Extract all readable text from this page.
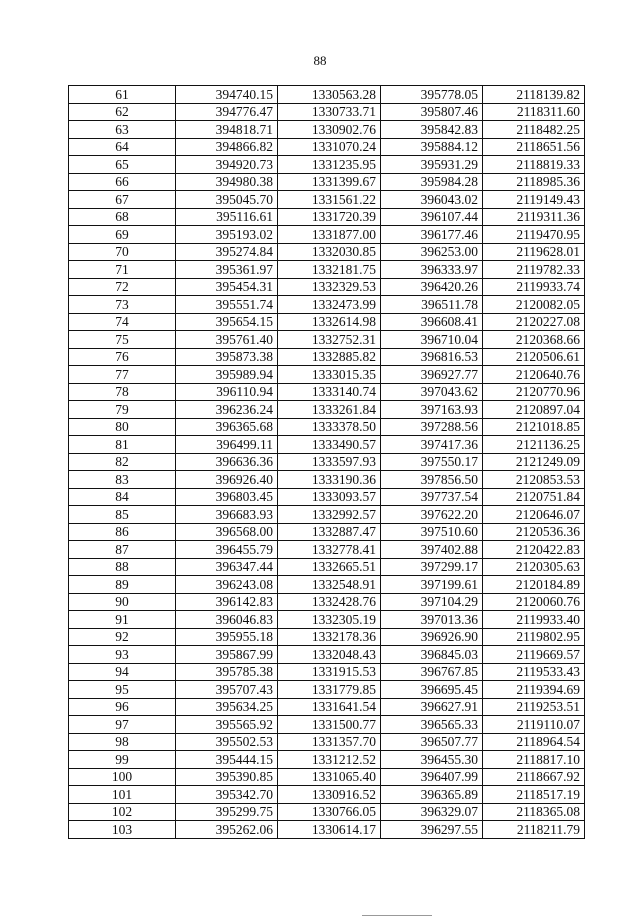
88
61	394740.15	1330563.28	395778.05	2118139.82
62	394776.47	1330733.71	395807.46	2118311.60
63	394818.71	1330902.76	395842.83	2118482.25
64	394866.82	1331070.24	395884.12	2118651.56
65	394920.73	1331235.95	395931.29	2118819.33
66	394980.38	1331399.67	395984.28	2118985.36
67	395045.70	1331561.22	396043.02	2119149.43
68	395116.61	1331720.39	396107.44	2119311.36
69	395193.02	1331877.00	396177.46	2119470.95
70	395274.84	1332030.85	396253.00	2119628.01
71	395361.97	1332181.75	396333.97	2119782.33
72	395454.31	1332329.53	396420.26	2119933.74
73	395551.74	1332473.99	396511.78	2120082.05
74	395654.15	1332614.98	396608.41	2120227.08
75	395761.40	1332752.31	396710.04	2120368.66
76	395873.38	1332885.82	396816.53	2120506.61
77	395989.94	1333015.35	396927.77	2120640.76
78	396110.94	1333140.74	397043.62	2120770.96
79	396236.24	1333261.84	397163.93	2120897.04
80	396365.68	1333378.50	397288.56	2121018.85
81	396499.11	1333490.57	397417.36	2121136.25
82	396636.36	1333597.93	397550.17	2121249.09
83	396926.40	1333190.36	397856.50	2120853.53
84	396803.45	1333093.57	397737.54	2120751.84
85	396683.93	1332992.57	397622.20	2120646.07
86	396568.00	1332887.47	397510.60	2120536.36
87	396455.79	1332778.41	397402.88	2120422.83
88	396347.44	1332665.51	397299.17	2120305.63
89	396243.08	1332548.91	397199.61	2120184.89
90	396142.83	1332428.76	397104.29	2120060.76
91	396046.83	1332305.19	397013.36	2119933.40
92	395955.18	1332178.36	396926.90	2119802.95
93	395867.99	1332048.43	396845.03	2119669.57
94	395785.38	1331915.53	396767.85	2119533.43
95	395707.43	1331779.85	396695.45	2119394.69
96	395634.25	1331641.54	396627.91	2119253.51
97	395565.92	1331500.77	396565.33	2119110.07
98	395502.53	1331357.70	396507.77	2118964.54
99	395444.15	1331212.52	396455.30	2118817.10
100	395390.85	1331065.40	396407.99	2118667.92
101	395342.70	1330916.52	396365.89	2118517.19
102	395299.75	1330766.05	396329.07	2118365.08
103	395262.06	1330614.17	396297.55	2118211.79
